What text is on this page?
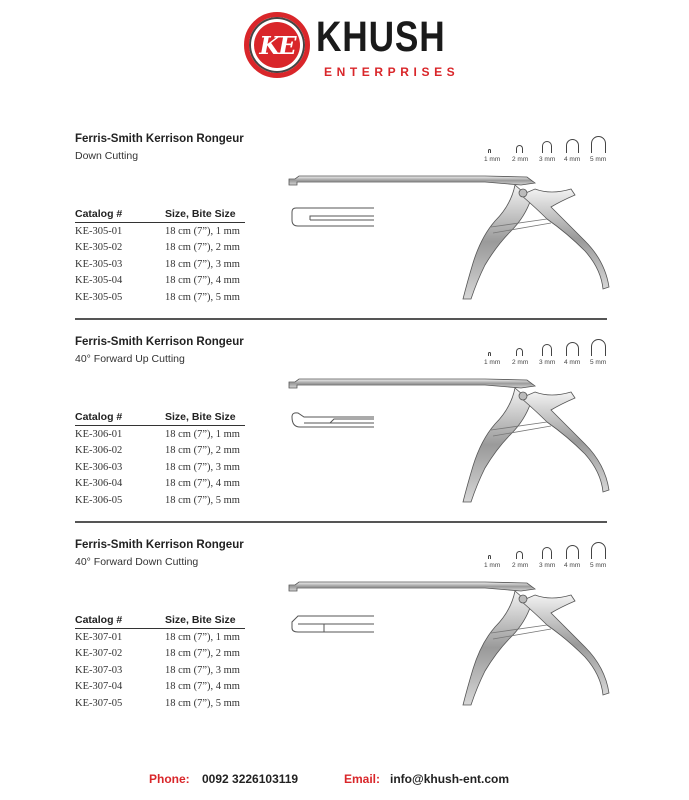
KE KHUSH
ENTERPRISES
Ferris-Smith Kerrison Rongeur
Down Cutting	1 mm 2 mm 3 mm 4 mm 5 mm
Catalog #	Size, Bite Size
KE-305-01	18 cm (7”), 1 mm
KE-305-02	18 cm (7”), 2 mm
KE-305-03	18 cm (7”), 3 mm
KE-305-04	18 cm (7”), 4 mm
KE-305-05	18 cm (7”), 5 mm
Ferris-Smith Kerrison Rongeur
40° Forward Up Cutting	1 mm 2 mm 3 mm 4 mm 5 mm
Catalog #	Size, Bite Size
KE-306-01	18 cm (7”), 1 mm
KE-306-02	18 cm (7”), 2 mm
KE-306-03	18 cm (7”), 3 mm
KE-306-04	18 cm (7”), 4 mm
KE-306-05	18 cm (7”), 5 mm
Ferris-Smith Kerrison Rongeur
40° Forward Down Cutting	1 mm 2 mm 3 mm 4 mm 5 mm
Catalog #	Size, Bite Size
KE-307-01	18 cm (7”), 1 mm
KE-307-02	18 cm (7”), 2 mm
KE-307-03	18 cm (7”), 3 mm
KE-307-04	18 cm (7”), 4 mm
KE-307-05	18 cm (7”), 5 mm
Phone: 0092 3226103119	Email: info@khush-ent.com
